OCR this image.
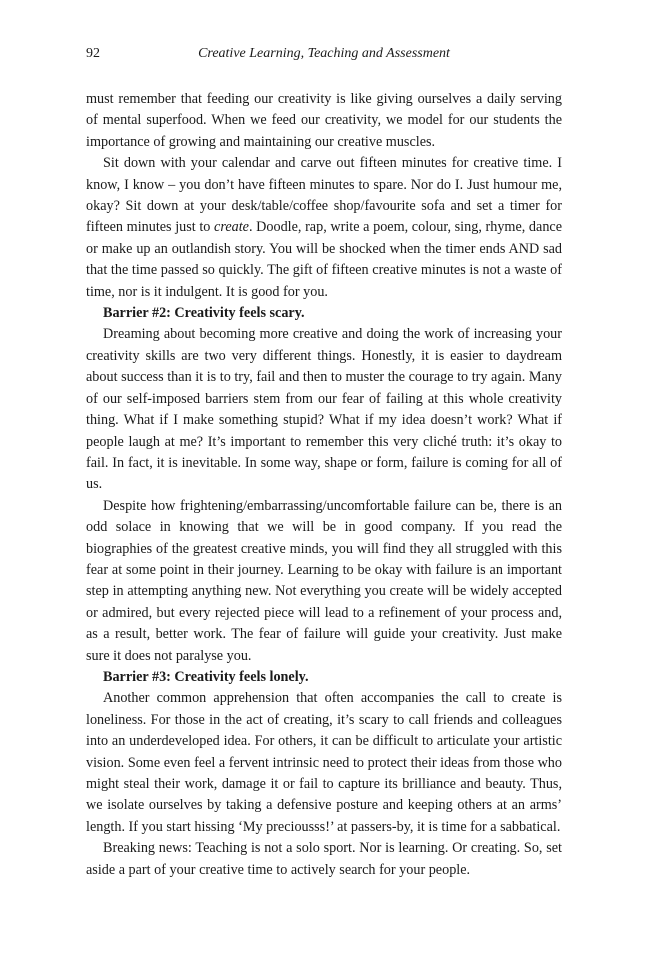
92	Creative Learning, Teaching and Assessment

must remember that feeding our creativity is like giving ourselves a daily serving of mental superfood. When we feed our creativity, we model for our students the importance of growing and maintaining our creative muscles.

Sit down with your calendar and carve out fifteen minutes for creative time. I know, I know – you don’t have fifteen minutes to spare. Nor do I. Just humour me, okay? Sit down at your desk/table/coffee shop/favourite sofa and set a timer for fifteen minutes just to create. Doodle, rap, write a poem, colour, sing, rhyme, dance or make up an outlandish story. You will be shocked when the timer ends AND sad that the time passed so quickly. The gift of fifteen creative minutes is not a waste of time, nor is it indulgent. It is good for you.

Barrier #2: Creativity feels scary.

Dreaming about becoming more creative and doing the work of increasing your creativity skills are two very different things. Honestly, it is easier to daydream about success than it is to try, fail and then to muster the courage to try again. Many of our self-imposed barriers stem from our fear of failing at this whole creativity thing. What if I make something stupid? What if my idea doesn’t work? What if people laugh at me? It’s important to remember this very cliché truth: it’s okay to fail. In fact, it is inevitable. In some way, shape or form, failure is coming for all of us.

Despite how frightening/embarrassing/uncomfortable failure can be, there is an odd solace in knowing that we will be in good company. If you read the biographies of the greatest creative minds, you will find they all struggled with this fear at some point in their journey. Learning to be okay with failure is an important step in attempting anything new. Not everything you create will be widely accepted or admired, but every rejected piece will lead to a refinement of your process and, as a result, better work. The fear of failure will guide your creativity. Just make sure it does not paralyse you.

Barrier #3: Creativity feels lonely.

Another common apprehension that often accompanies the call to create is loneliness. For those in the act of creating, it’s scary to call friends and colleagues into an underdeveloped idea. For others, it can be difficult to articulate your artistic vision. Some even feel a fervent intrinsic need to protect their ideas from those who might steal their work, damage it or fail to capture its brilliance and beauty. Thus, we isolate ourselves by taking a defensive posture and keeping others at an arms’ length. If you start hissing ‘My preciousss!’ at passers-by, it is time for a sabbatical.

Breaking news: Teaching is not a solo sport. Nor is learning. Or creating. So, set aside a part of your creative time to actively search for your people.
